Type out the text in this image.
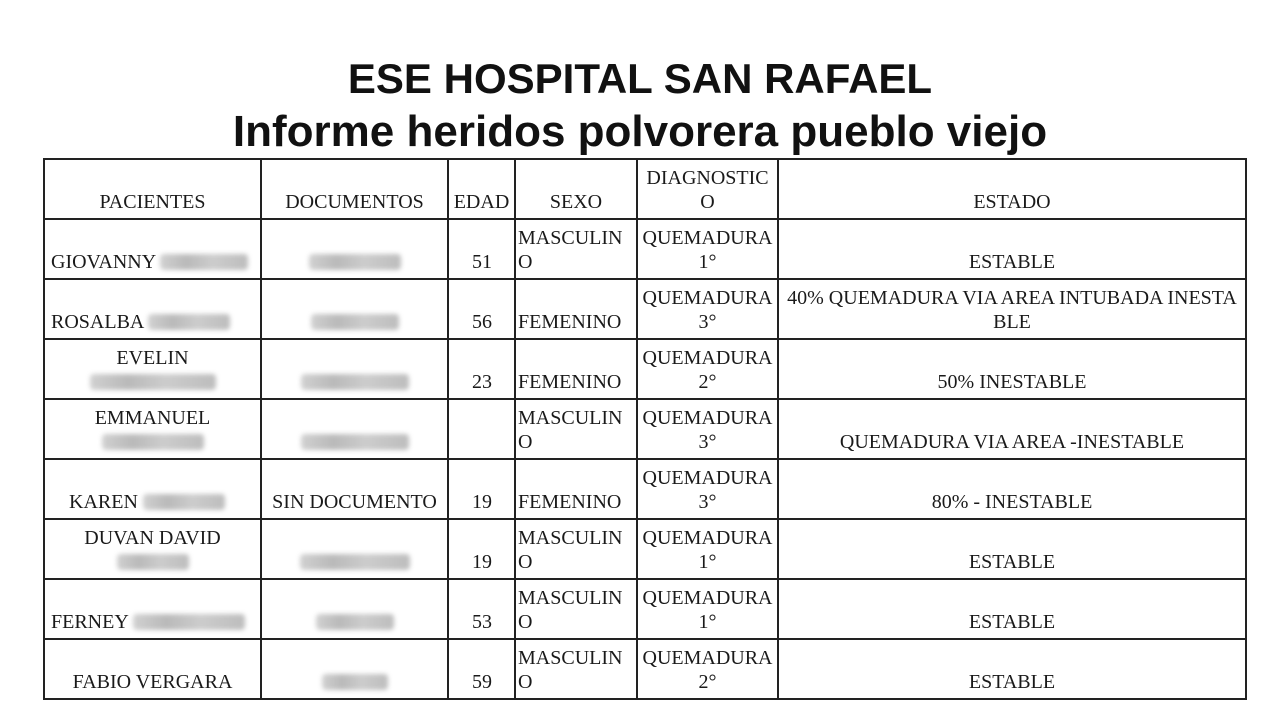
ESE HOSPITAL SAN RAFAEL
Informe heridos polvorera pueblo viejo
PACIENTES	DOCUMENTOS	EDAD	SEXO	DIAGNOSTICO	ESTADO
GIOVANNY		51	MASCULINO	QUEMADURA 1°	ESTABLE
ROSALBA		56	FEMENINO	QUEMADURA3°	40% QUEMADURA VIA AREA INTUBADA INESTABLE
EVELIN		23	FEMENINO	QUEMADURA 2°	50% INESTABLE
EMMANUEL			MASCULINO	QUEMADURA 3°	QUEMADURA VIA AREA -INESTABLE
KAREN	SIN DOCUMENTO	19	FEMENINO	QUEMADURA 3°	80% - INESTABLE
DUVAN DAVID		19	MASCULINO	QUEMADURA 1°	ESTABLE
FERNEY		53	MASCULINO	QUEMADURA 1°	ESTABLE
FABIO VERGARA		59	MASCULINO	QUEMADURA 2°	ESTABLE
